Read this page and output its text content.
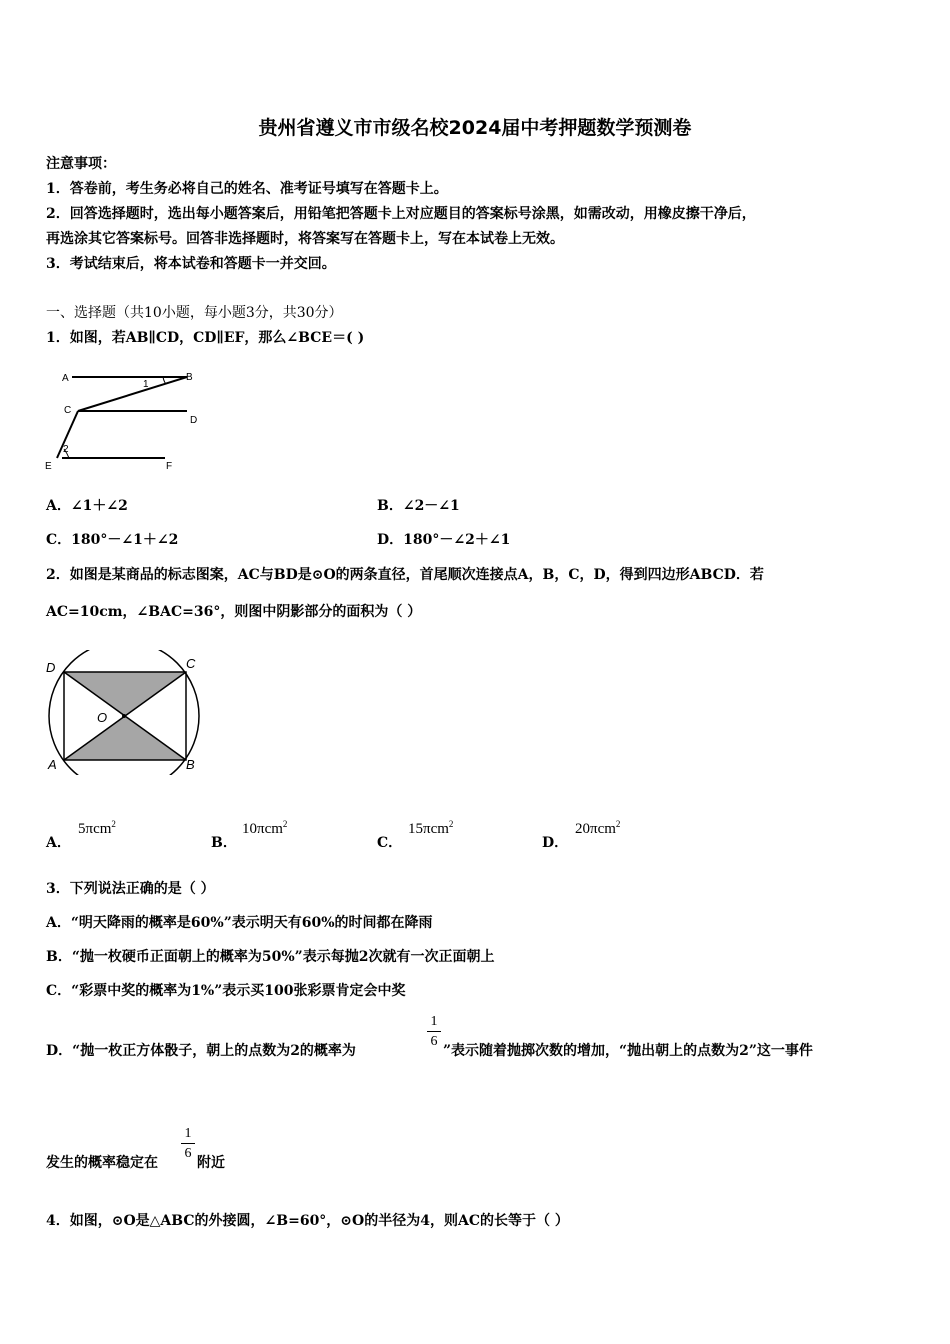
贵州省遵义市市级名校2024届中考押题数学预测卷
注意事项：
1．答卷前，考生务必将自己的姓名、准考证号填写在答题卡上。
2．回答选择题时，选出每小题答案后，用铅笔把答题卡上对应题目的答案标号涂黑，如需改动，用橡皮擦干净后，
再选涂其它答案标号。回答非选择题时，将答案写在答题卡上，写在本试卷上无效。
3．考试结束后，将本试卷和答题卡一并交回。
一、选择题（共10小题，每小题3分，共30分）
1．如图，若AB∥CD，CD∥EF，那么∠BCE＝( )
A	B
C
D
E	F
1
2
A．∠1＋∠2	B．∠2－∠1
C．180°－∠1＋∠2	D．180°－∠2＋∠1
2．如图是某商品的标志图案，AC与BD是⊙O的两条直径，首尾顺次连接点A，B，C，D，得到四边形ABCD．若
AC=10cm，∠BAC=36°，则图中阴影部分的面积为（ ）
D	C
O
A	B
A．
5πcm$^2$
B．
10πcm$^2$
C．
15πcm$^2$
D．
20πcm$^2$
3．下列说法正确的是（ ）
A．“明天降雨的概率是60%”表示明天有60%的时间都在降雨
B．“抛一枚硬币正面朝上的概率为50%”表示每抛2次就有一次正面朝上
C．“彩票中奖的概率为1%”表示买100张彩票肯定会中奖
D．“抛一枚正方体骰子，朝上的点数为2的概率为
1
6
”表示随着抛掷次数的增加，“抛出朝上的点数为2”这一事件
发生的概率稳定在
1
6
附近
4．如图，⊙O是△ABC的外接圆，∠B=60°，⊙O的半径为4，则AC的长等于（ ）
